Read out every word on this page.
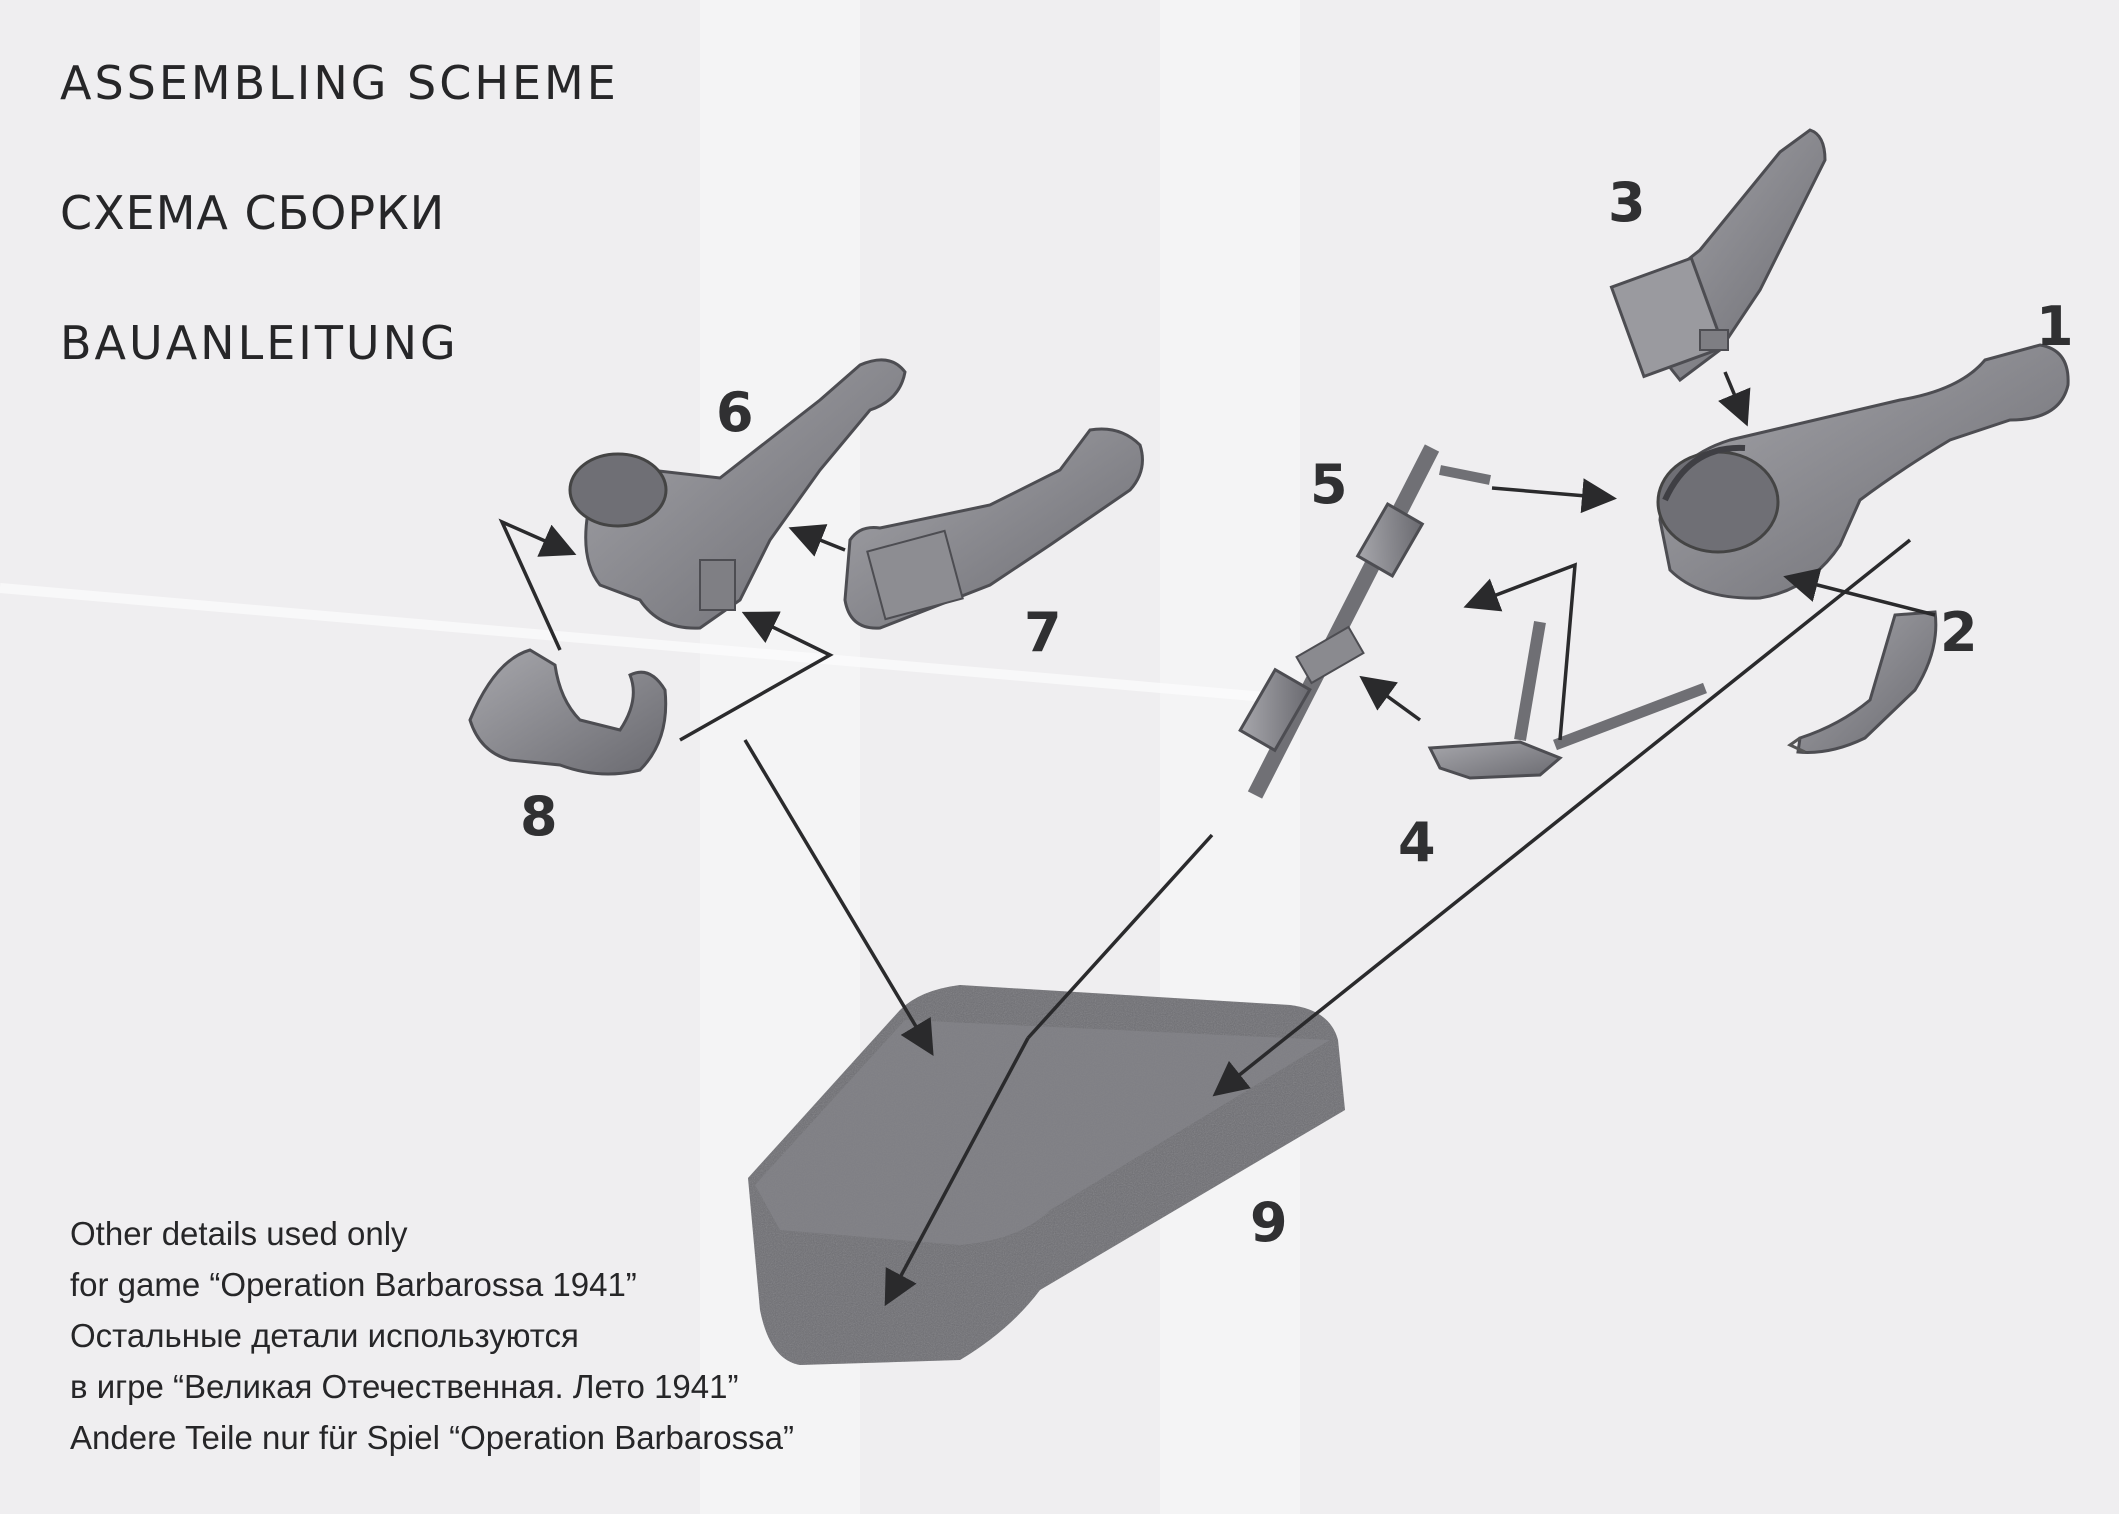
ASSEMBLING SCHEME
СХЕМА СБОРКИ
BAUANLEITUNG	1
2
3
4
5
6
7
8
9
Other details used only
for game “Operation Barbarossa 1941”
Остальные детали используются
в игре “Великая Отечественная. Лето 1941”
Andere Teile nur für Spiel “Operation Barbarossa”
